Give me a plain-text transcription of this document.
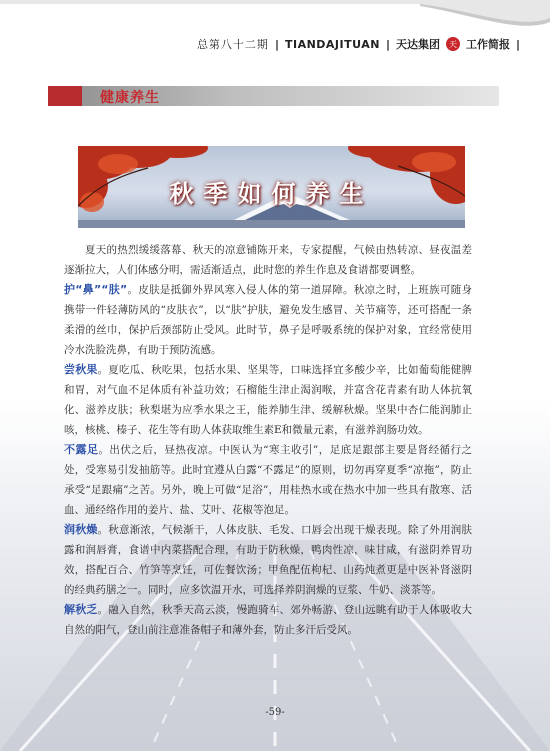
总第八十二期 | TIANDAJITUAN | 天达集团	天 工作简报 |
健康养生
秋季如何养生

夏天的热烈缓缓落幕、秋天的凉意铺陈开来，专家提醒，气候由热转凉、昼夜温差逐渐拉大，人们体感分明，需适渐适点，此时您的养生作息及食谱都要调整。

护“鼻”“肤”。皮肤是抵御外界风寒入侵人体的第一道屏障。秋凉之时，上班族可随身携带一件轻薄防风的“皮肤衣”，以“肤”护肤，避免发生感冒、关节痛等，还可搭配一条柔滑的丝巾，保护后颈部防止受风。此时节，鼻子是呼吸系统的保护对象，宜经常使用冷水洗脸洗鼻，有助于预防流感。

尝秋果。夏吃瓜、秋吃果，包括水果、坚果等，口味选择宜多酸少辛，比如葡萄能健脾和胃，对气血不足体质有补益功效；石榴能生津止渴润喉，并富含花青素有助人体抗氧化、滋养皮肤；秋梨堪为应季水果之王，能养肺生津、缓解秋燥。坚果中杏仁能润肺止咳，核桃、榛子、花生等有助人体获取维生素E和微量元素，有滋养润肠功效。

不露足。出伏之后，昼热夜凉。中医认为“寒主收引”，足底足跟部主要是肾经循行之处，受寒易引发抽筋等。此时宜遵从白露“不露足”的原则，切勿再穿夏季“凉拖”，防止承受“足跟痛”之苦。另外，晚上可做“足浴”，用桂热水或在热水中加一些具有散寒、活血、通经络作用的姜片、盐、艾叶、花椒等泡足。

润秋燥。秋意渐浓，气候渐干，人体皮肤、毛发、口唇会出现干燥表现。除了外用润肤露和润唇膏，食谱中内菜搭配合理，有助于防秋燥，鸭肉性凉，味甘咸，有滋阴养胃功效，搭配百合、竹笋等烹饪，可佐餐饮汤；甲鱼配伍枸杞、山药炖煮更是中医补肾滋阴的经典药膳之一。同时，应多饮温开水，可选择养阴润燥的豆浆、牛奶、淡茶等。

解秋乏。融入自然，秋季天高云淡，慢跑骑车、郊外畅游、登山远眺有助于人体吸收大自然的阳气，登山前注意准备帽子和薄外套，防止多汗后受风。

-59-
